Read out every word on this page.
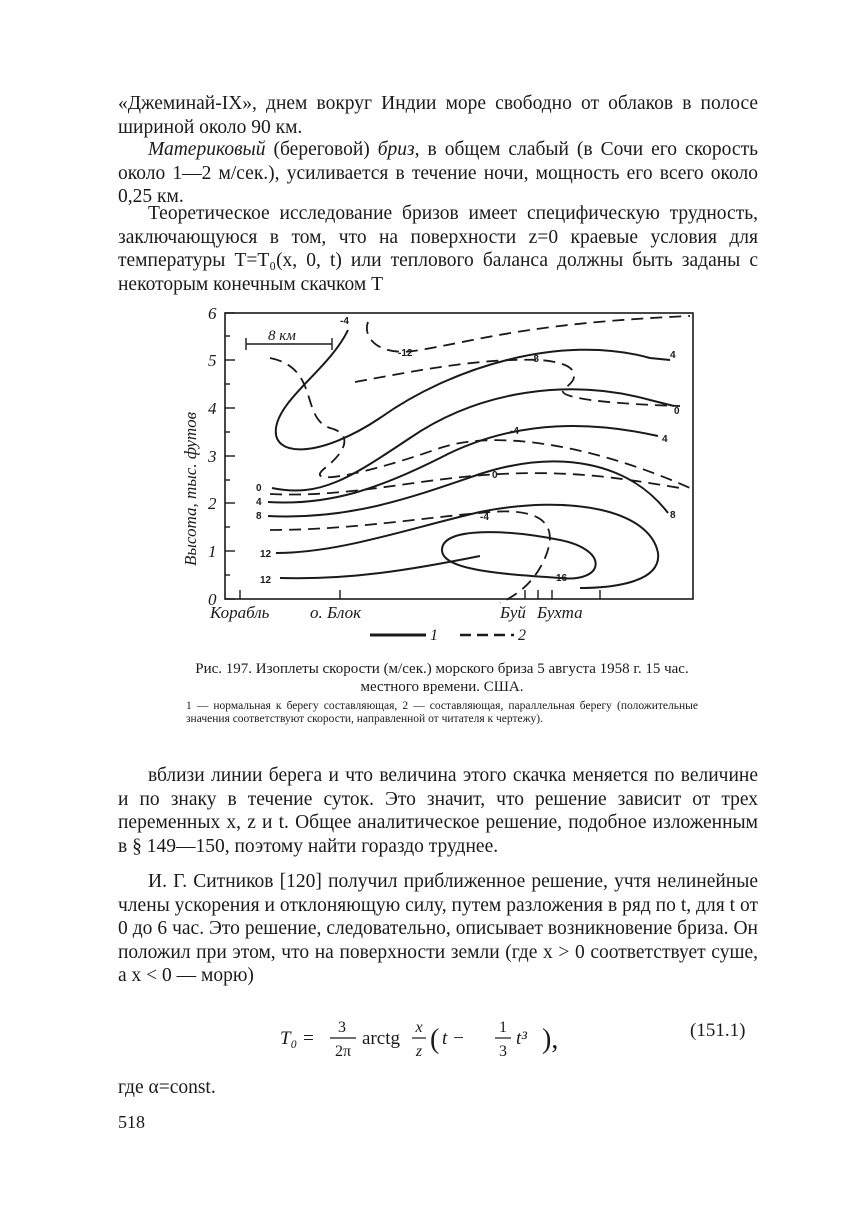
«Джеминай-IX», днем вокруг Индии море свободно от облаков в полосе шириной около 90 км.

Материковый (береговой) бриз, в общем слабый (в Сочи его скорость около 1—2 м/сек.), усиливается в течение ночи, мощность его всего около 0,25 км.

Теоретическое исследование бризов имеет специфическую трудность, заключающуюся в том, что на поверхности z=0 краевые условия для температуры T=T₀(x, 0, t) или теплового баланса должны быть заданы с некоторым конечным скачком T

0
1
2
3
4
5
6
Высота, тыс. футов
8 км
0
4
8
12
12	16
4
0
4
8
-4
-12
-8
-4
0
-4
Корабль о. Блок	Буй Бухта
1	2

Рис. 197. Изоплеты скорости (м/сек.) морского бриза 5 августа 1958 г. 15 час. местного времени. США.

1 — нормальная к берегу составляющая, 2 — составляющая, параллельная берегу (положительные значения соответствуют скорости, направленной от читателя к чертежу).

вблизи линии берега и что величина этого скачка меняется по величине и по знаку в течение суток. Это значит, что решение зависит от трех переменных x, z и t. Общее аналитическое решение, подобное изложенным в § 149—150, поэтому найти гораздо труднее.

И. Г. Ситников [120] получил приближенное решение, учтя нелинейные члены ускорения и отклоняющую силу, путем разложения в ряд по t, для t от 0 до 6 час. Это решение, следовательно, описывает возникновение бриза. Он положил при этом, что на поверхности земли (где x > 0 соответствует суше, а x < 0 — морю)

T₀ =
3
2π
arctg
x
z ( t −
1
3
t³ ),	(151.1)
где α=const.
518
